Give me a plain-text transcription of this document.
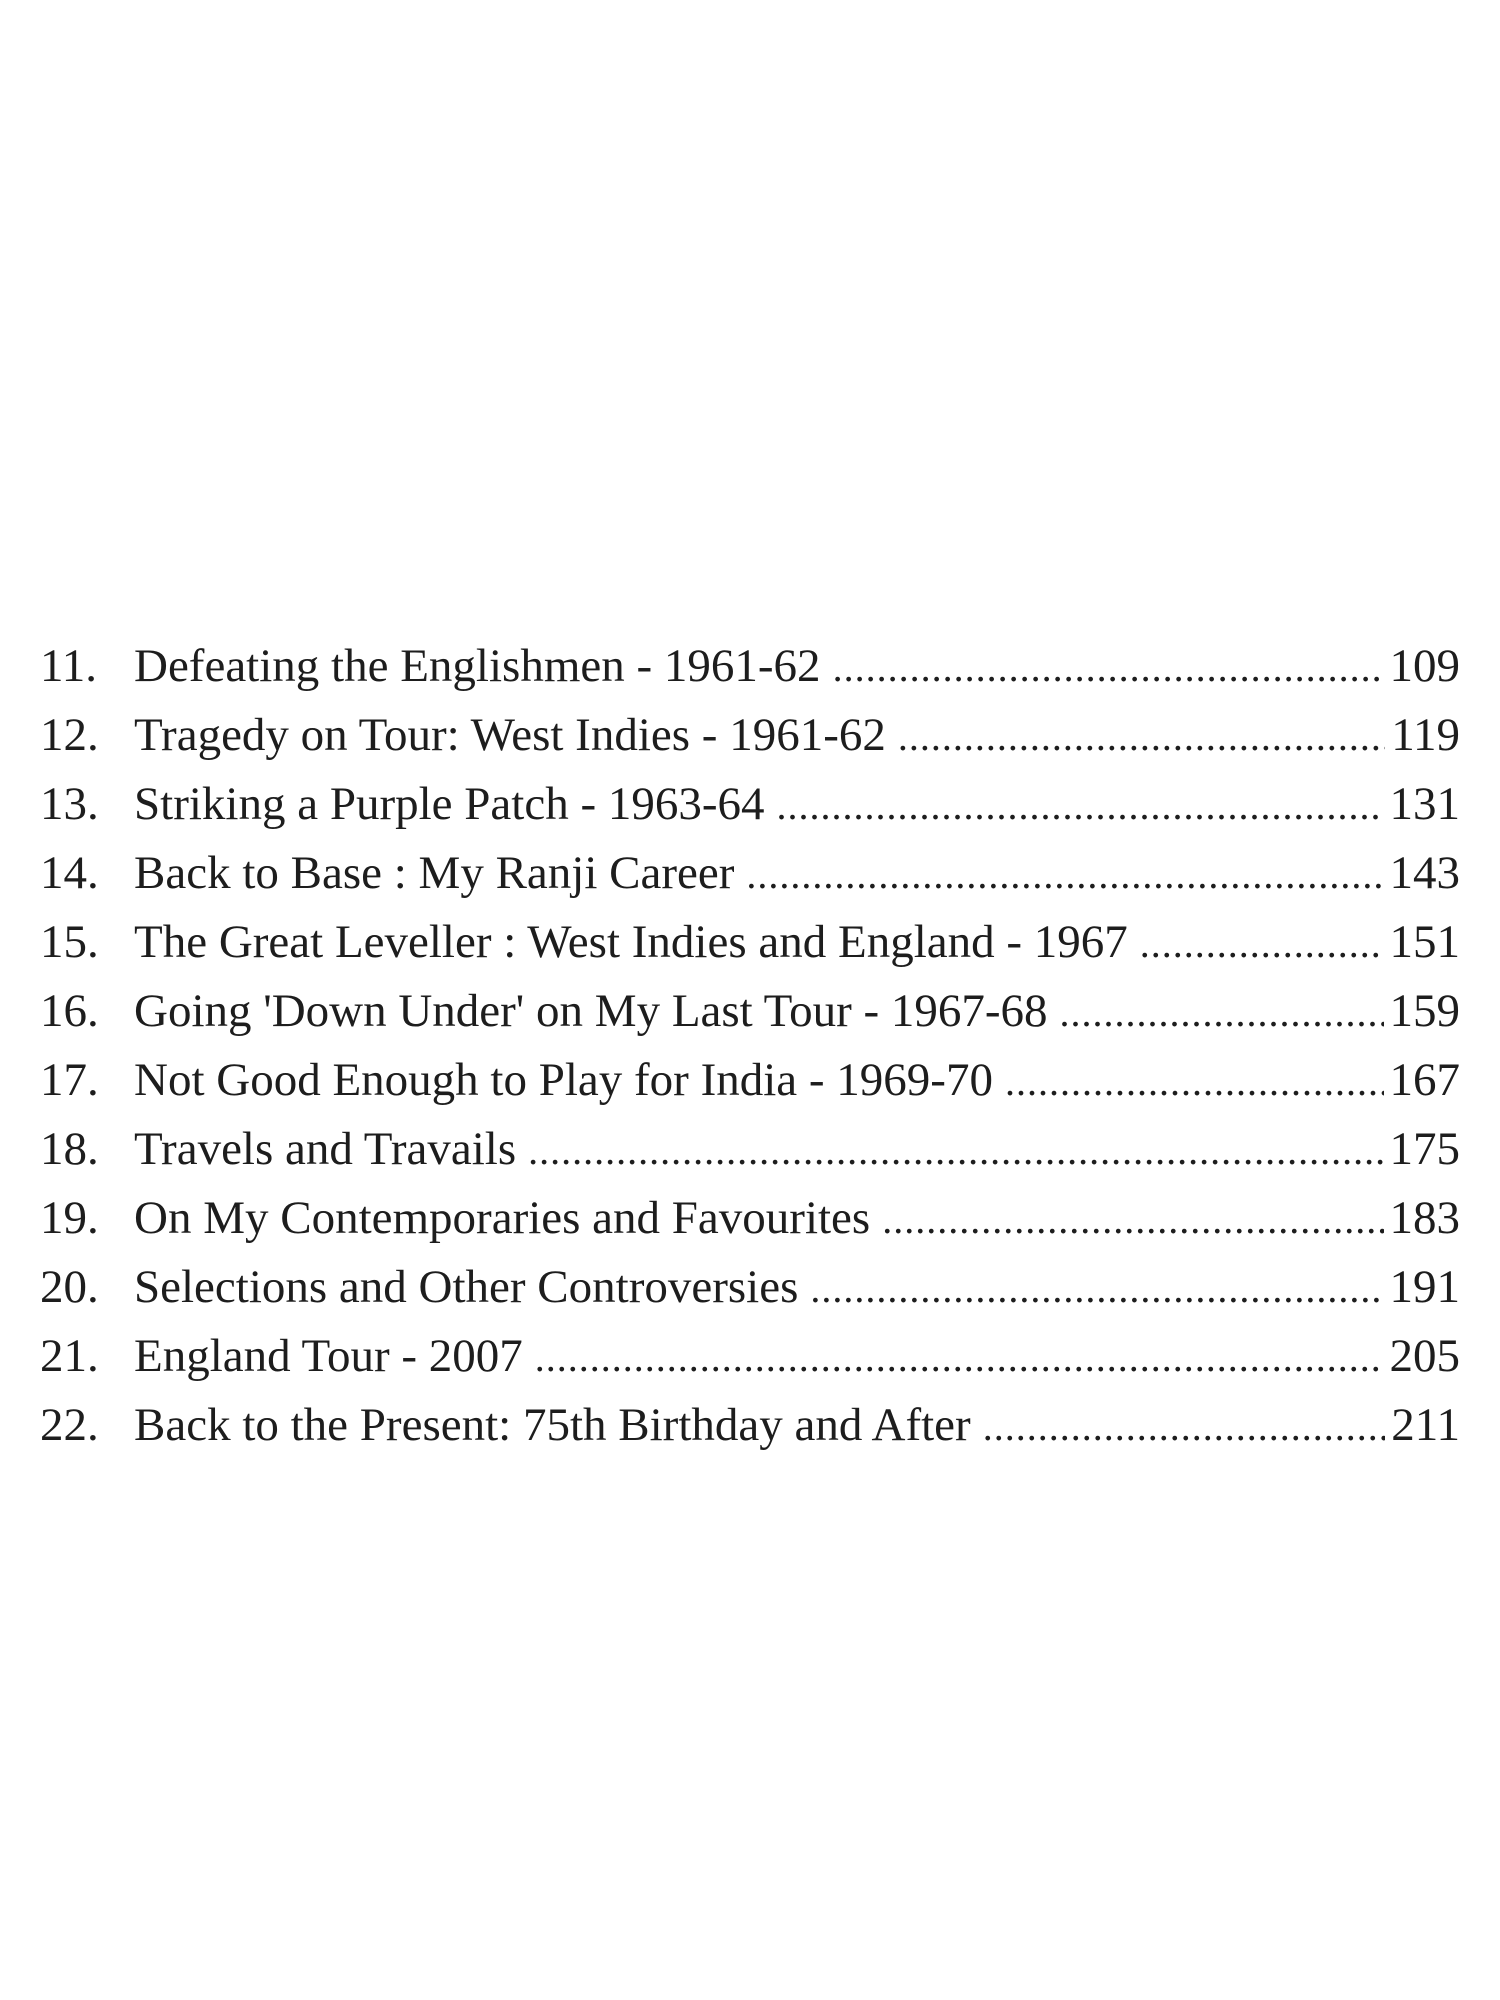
11. Defeating the Englishmen - 1961-62 .....	109
12. Tragedy on Tour: West Indies - 1961-62 .....	119
13. Striking a Purple Patch - 1963-64 .....	131
14. Back to Base : My Ranji Career .....	143
15. The Great Leveller : West Indies and England - 1967 .....	151
16. Going 'Down Under' on My Last Tour - 1967-68 .....	159
17. Not Good Enough to Play for India - 1969-70 .....	167
18. Travels and Travails .....	175
19. On My Contemporaries and Favourites .....	183
20. Selections and Other Controversies .....	191
21. England Tour - 2007 .....	205
22. Back to the Present: 75th Birthday and After .....	211
